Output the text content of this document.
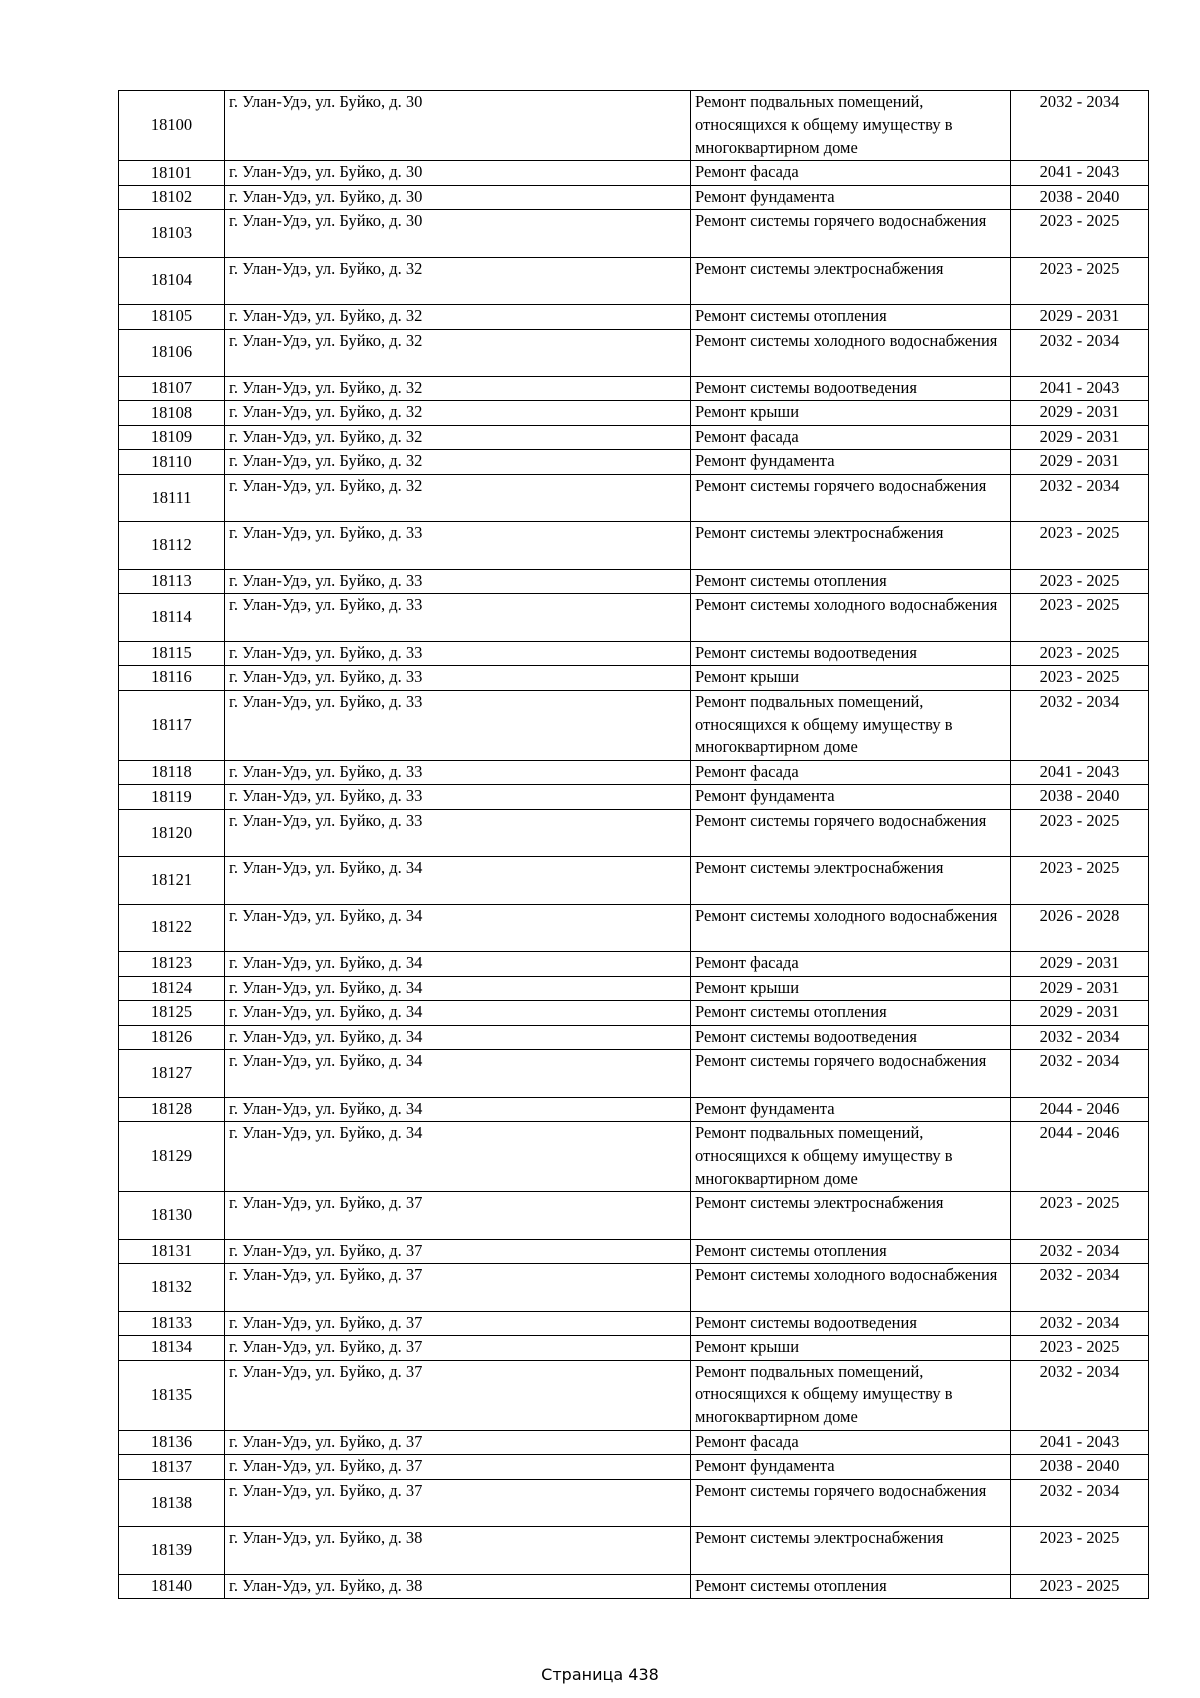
18100	г. Улан-Удэ, ул. Буйко, д. 30	Ремонт подвальных помещений, относящихся к общему имуществу в многоквартирном доме	2032 - 2034
18101	г. Улан-Удэ, ул. Буйко, д. 30	Ремонт фасада	2041 - 2043
18102	г. Улан-Удэ, ул. Буйко, д. 30	Ремонт фундамента	2038 - 2040
18103	г. Улан-Удэ, ул. Буйко, д. 30	Ремонт системы горячего водоснабжения	2023 - 2025
18104	г. Улан-Удэ, ул. Буйко, д. 32	Ремонт системы электроснабжения	2023 - 2025
18105	г. Улан-Удэ, ул. Буйко, д. 32	Ремонт системы отопления	2029 - 2031
18106	г. Улан-Удэ, ул. Буйко, д. 32	Ремонт системы холодного водоснабжения	2032 - 2034
18107	г. Улан-Удэ, ул. Буйко, д. 32	Ремонт системы водоотведения	2041 - 2043
18108	г. Улан-Удэ, ул. Буйко, д. 32	Ремонт крыши	2029 - 2031
18109	г. Улан-Удэ, ул. Буйко, д. 32	Ремонт фасада	2029 - 2031
18110	г. Улан-Удэ, ул. Буйко, д. 32	Ремонт фундамента	2029 - 2031
18111	г. Улан-Удэ, ул. Буйко, д. 32	Ремонт системы горячего водоснабжения	2032 - 2034
18112	г. Улан-Удэ, ул. Буйко, д. 33	Ремонт системы электроснабжения	2023 - 2025
18113	г. Улан-Удэ, ул. Буйко, д. 33	Ремонт системы отопления	2023 - 2025
18114	г. Улан-Удэ, ул. Буйко, д. 33	Ремонт системы холодного водоснабжения	2023 - 2025
18115	г. Улан-Удэ, ул. Буйко, д. 33	Ремонт системы водоотведения	2023 - 2025
18116	г. Улан-Удэ, ул. Буйко, д. 33	Ремонт крыши	2023 - 2025
18117	г. Улан-Удэ, ул. Буйко, д. 33	Ремонт подвальных помещений, относящихся к общему имуществу в многоквартирном доме	2032 - 2034
18118	г. Улан-Удэ, ул. Буйко, д. 33	Ремонт фасада	2041 - 2043
18119	г. Улан-Удэ, ул. Буйко, д. 33	Ремонт фундамента	2038 - 2040
18120	г. Улан-Удэ, ул. Буйко, д. 33	Ремонт системы горячего водоснабжения	2023 - 2025
18121	г. Улан-Удэ, ул. Буйко, д. 34	Ремонт системы электроснабжения	2023 - 2025
18122	г. Улан-Удэ, ул. Буйко, д. 34	Ремонт системы холодного водоснабжения	2026 - 2028
18123	г. Улан-Удэ, ул. Буйко, д. 34	Ремонт фасада	2029 - 2031
18124	г. Улан-Удэ, ул. Буйко, д. 34	Ремонт крыши	2029 - 2031
18125	г. Улан-Удэ, ул. Буйко, д. 34	Ремонт системы отопления	2029 - 2031
18126	г. Улан-Удэ, ул. Буйко, д. 34	Ремонт системы водоотведения	2032 - 2034
18127	г. Улан-Удэ, ул. Буйко, д. 34	Ремонт системы горячего водоснабжения	2032 - 2034
18128	г. Улан-Удэ, ул. Буйко, д. 34	Ремонт фундамента	2044 - 2046
18129	г. Улан-Удэ, ул. Буйко, д. 34	Ремонт подвальных помещений, относящихся к общему имуществу в многоквартирном доме	2044 - 2046
18130	г. Улан-Удэ, ул. Буйко, д. 37	Ремонт системы электроснабжения	2023 - 2025
18131	г. Улан-Удэ, ул. Буйко, д. 37	Ремонт системы отопления	2032 - 2034
18132	г. Улан-Удэ, ул. Буйко, д. 37	Ремонт системы холодного водоснабжения	2032 - 2034
18133	г. Улан-Удэ, ул. Буйко, д. 37	Ремонт системы водоотведения	2032 - 2034
18134	г. Улан-Удэ, ул. Буйко, д. 37	Ремонт крыши	2023 - 2025
18135	г. Улан-Удэ, ул. Буйко, д. 37	Ремонт подвальных помещений, относящихся к общему имуществу в многоквартирном доме	2032 - 2034
18136	г. Улан-Удэ, ул. Буйко, д. 37	Ремонт фасада	2041 - 2043
18137	г. Улан-Удэ, ул. Буйко, д. 37	Ремонт фундамента	2038 - 2040
18138	г. Улан-Удэ, ул. Буйко, д. 37	Ремонт системы горячего водоснабжения	2032 - 2034
18139	г. Улан-Удэ, ул. Буйко, д. 38	Ремонт системы электроснабжения	2023 - 2025
18140	г. Улан-Удэ, ул. Буйко, д. 38	Ремонт системы отопления	2023 - 2025
Страница 438
